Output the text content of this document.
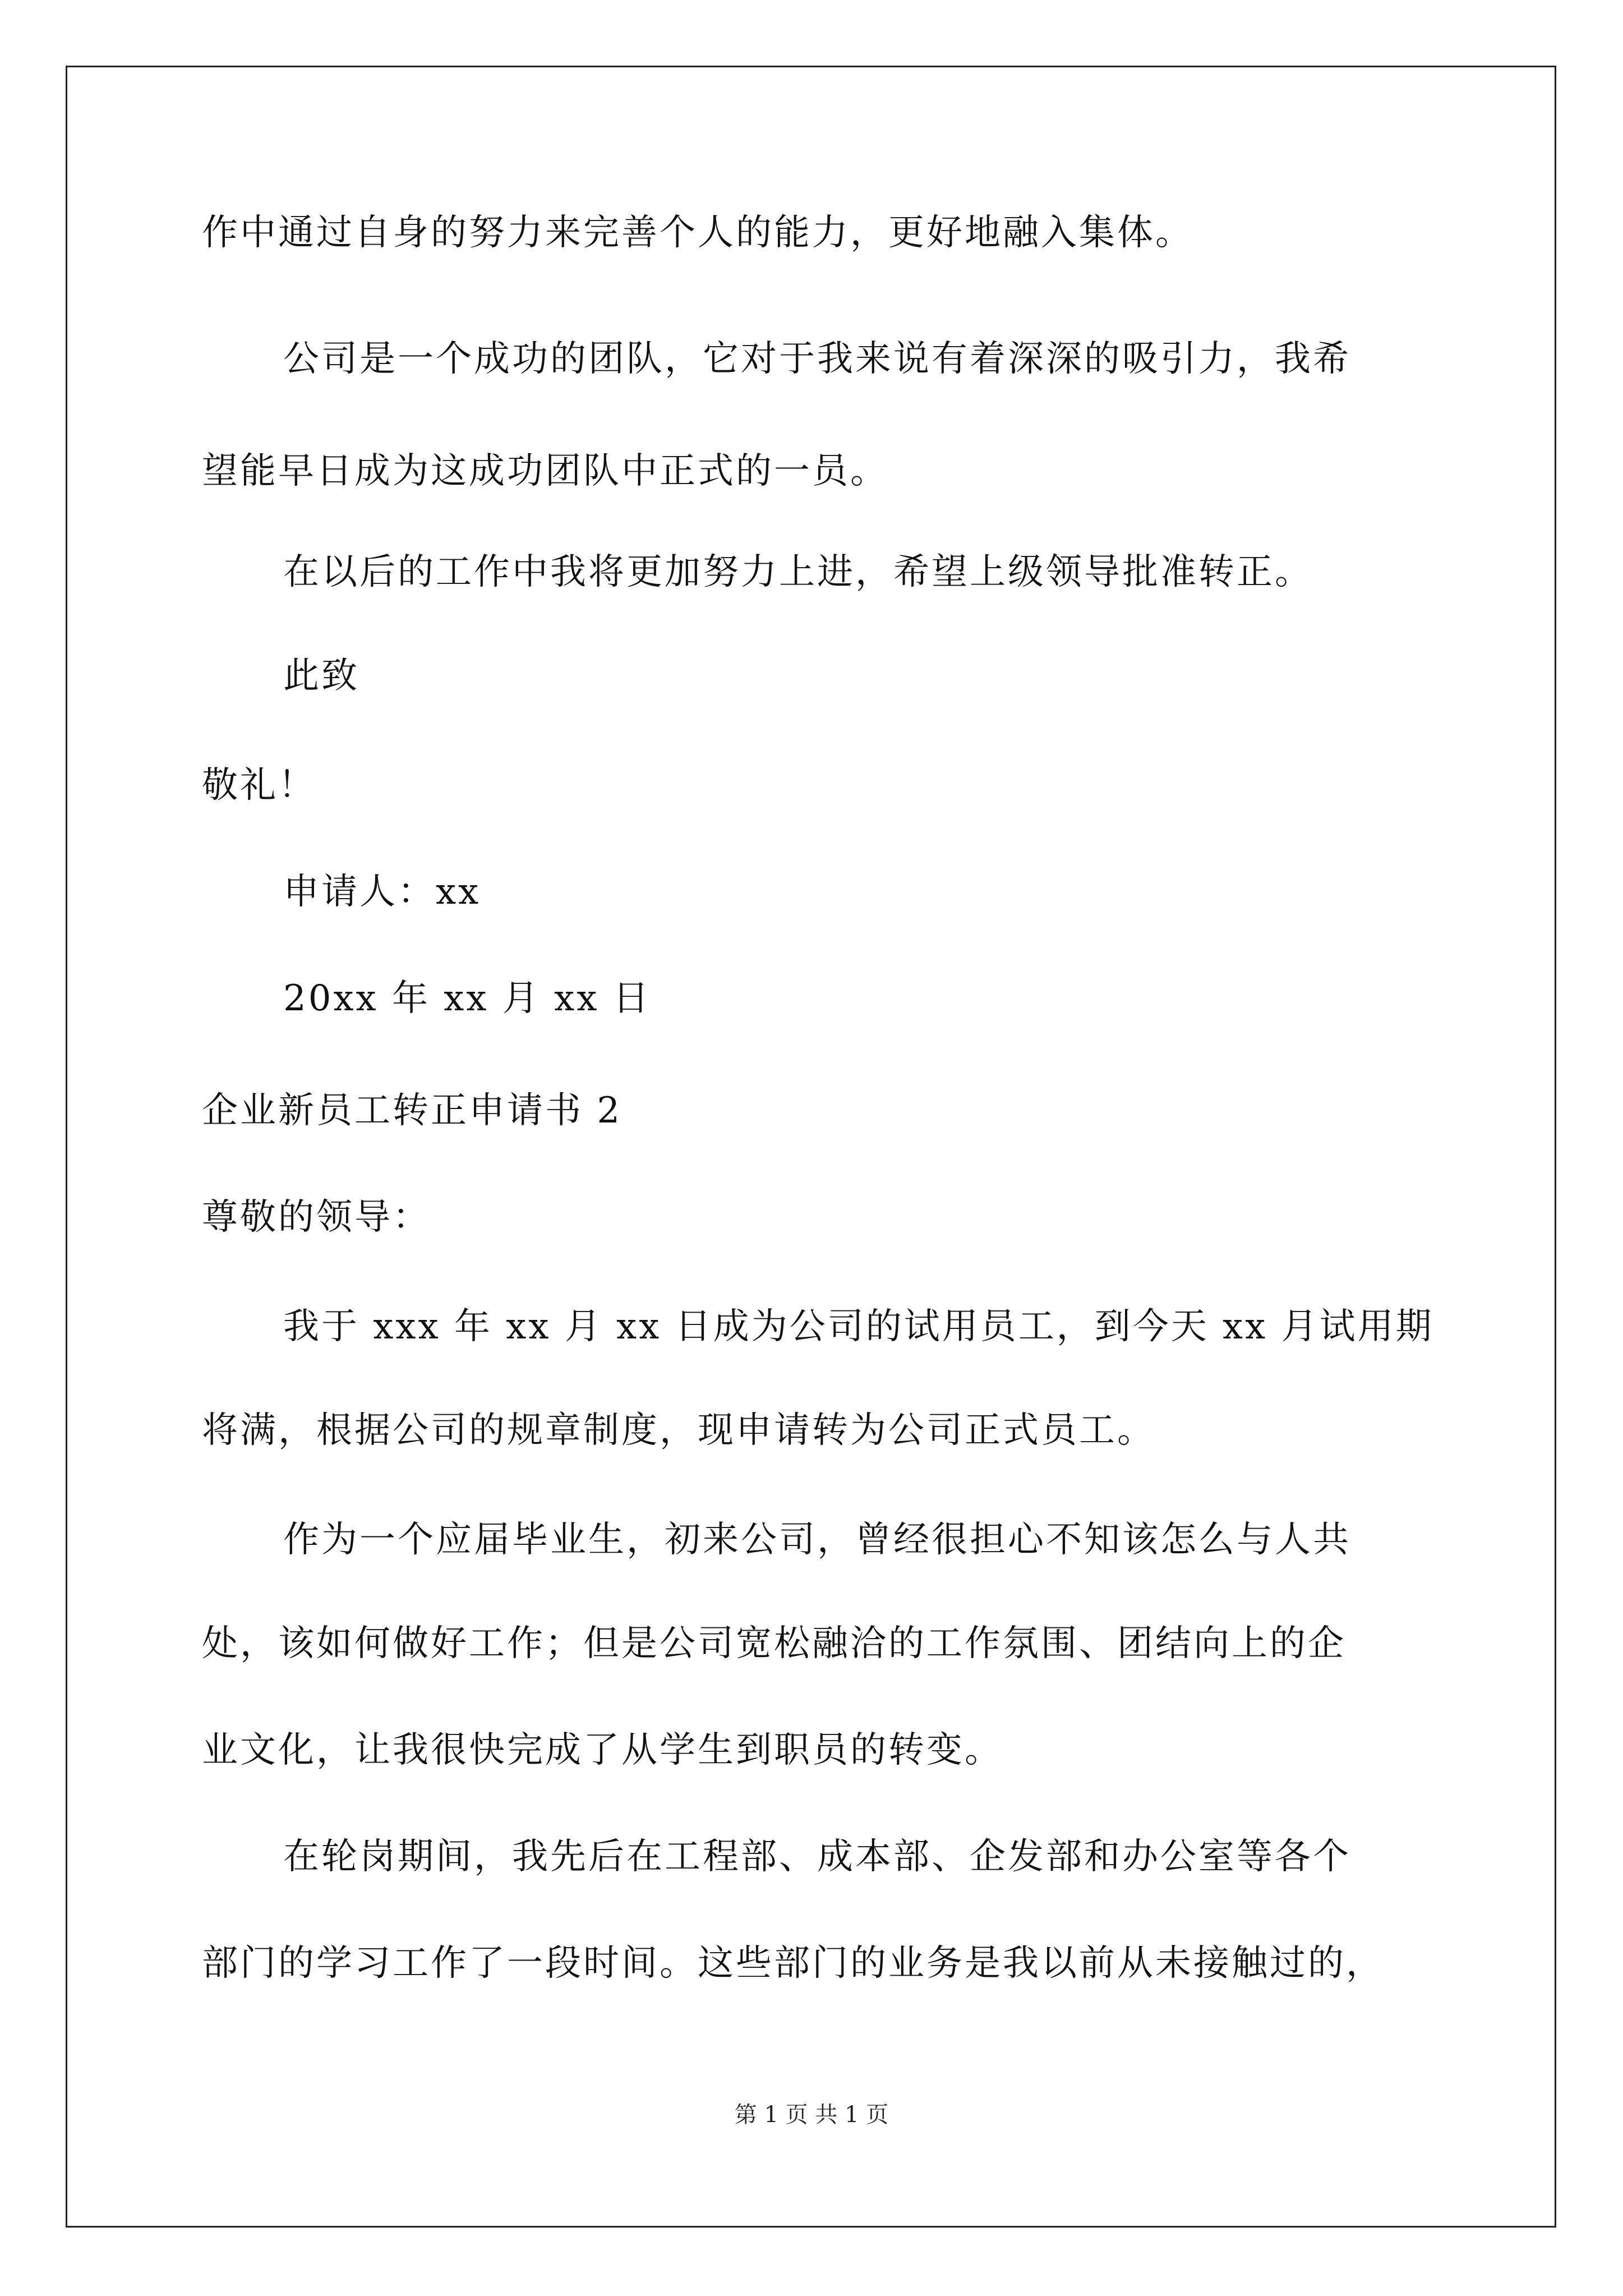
作中通过自身的努力来完善个人的能力，更好地融入集体。
公司是一个成功的团队，它对于我来说有着深深的吸引力，我希
望能早日成为这成功团队中正式的一员。
在以后的工作中我将更加努力上进，希望上级领导批准转正。
此致
敬礼！
申请人：xx
20xx 年 xx 月 xx 日
企业新员工转正申请书 2
尊敬的领导：
我于 xxx 年 xx 月 xx 日成为公司的试用员工，到今天 xx 月试用期
将满，根据公司的规章制度，现申请转为公司正式员工。
作为一个应届毕业生，初来公司，曾经很担心不知该怎么与人共
处，该如何做好工作；但是公司宽松融洽的工作氛围、团结向上的企
业文化，让我很快完成了从学生到职员的转变。
在轮岗期间，我先后在工程部、成本部、企发部和办公室等各个
部门的学习工作了一段时间。这些部门的业务是我以前从未接触过的，
第 1 页 共 1 页
